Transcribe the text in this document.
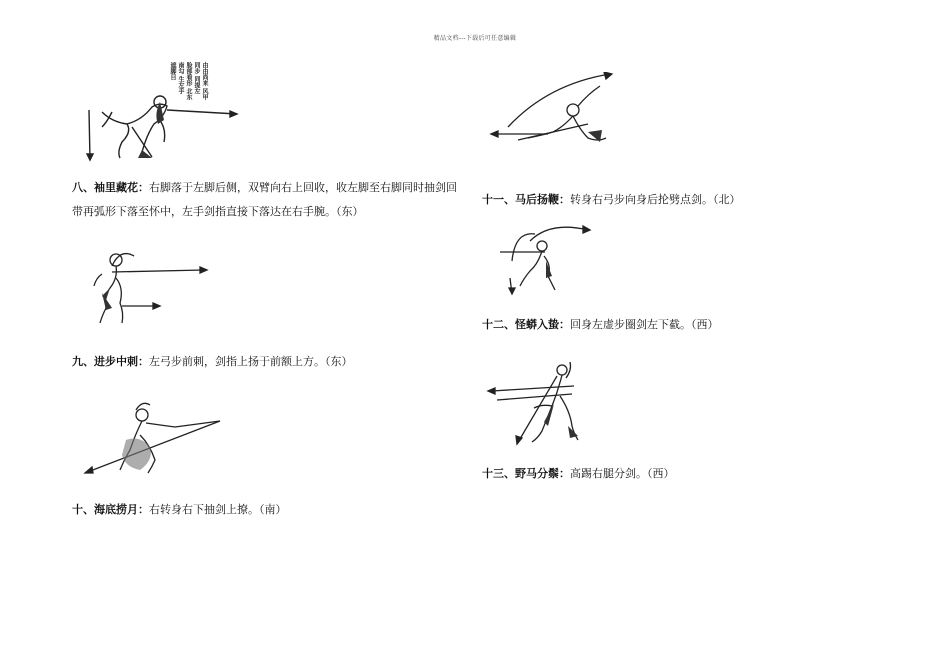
精品文档---下载后可任意编辑
由由尚来 风甲同步 同提左 脸部看形 北东南勾 生左手 遮脚目
八、袖里藏花：右脚落于左脚后侧，双臂向右上回收，收左脚至右脚同时抽剑回
带再弧形下落至怀中，左手剑指直接下落达在右手腕。（东）
九、进步中刺：左弓步前刺，剑指上扬于前额上方。（东）
十、海底捞月：右转身右下抽剑上撩。（南）
十一、马后扬鞭：转身右弓步向身后抡劈点剑。（北）
十二、怪蟒入蛰：回身左虚步圈剑左下截。（西）
十三、野马分鬃：高踢右腿分剑。（西）
